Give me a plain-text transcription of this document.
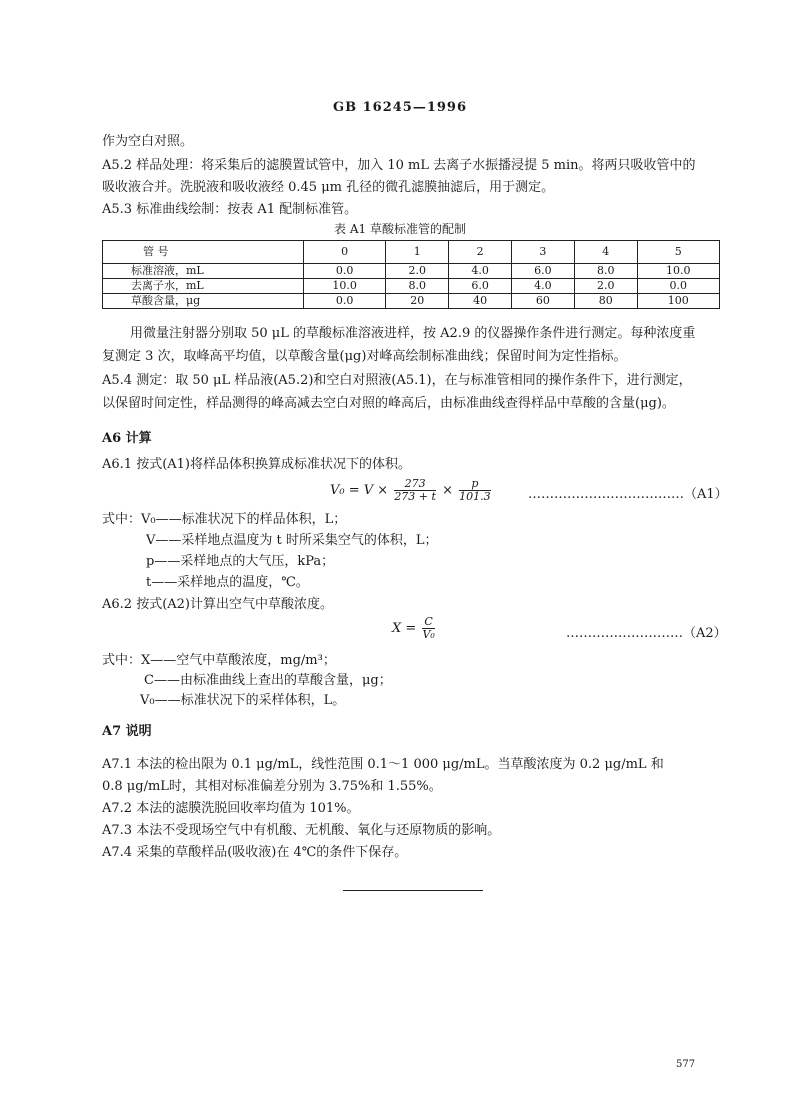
GB 16245—1996
作为空白对照。
A5.2 样品处理：将采集后的滤膜置试管中，加入 10 mL 去离子水振播浸提 5 min。将两只吸收管中的
吸收液合并。洗脱液和吸收液经 0.45 μm 孔径的微孔滤膜抽滤后，用于测定。
A5.3 标准曲线绘制：按表 A1 配制标准管。
表 A1 草酸标准管的配制
管 号	0	1	2	3	4	5
标准溶液，mL	0.0	2.0	4.0	6.0	8.0	10.0
去离子水，mL	10.0	8.0	6.0	4.0	2.0	0.0
草酸含量，μg	0.0	20	40	60	80	100
用微量注射器分别取 50 μL 的草酸标准溶液进样，按 A2.9 的仪器操作条件进行测定。每种浓度重
复测定 3 次，取峰高平均值，以草酸含量(μg)对峰高绘制标准曲线；保留时间为定性指标。
A5.4 测定：取 50 μL 样品液(A5.2)和空白对照液(A5.1)，在与标准管相同的操作条件下，进行测定，
以保留时间定性，样品测得的峰高减去空白对照的峰高后，由标准曲线查得样品中草酸的含量(μg)。
A6 计算
A6.1 按式(A1)将样品体积换算成标准状况下的体积。
$V_0 = V \times \frac{273}{273 + t} \times \frac{p}{101.3}$	………………………………（A1）
式中：V₀——标准状况下的样品体积，L；
V——采样地点温度为 t 时所采集空气的体积，L；
p——采样地点的大气压，kPa；
t——采样地点的温度，℃。
A6.2 按式(A2)计算出空气中草酸浓度。
$X = \frac{C}{\text{V₀}}$	………………………（A2）
式中：X——空气中草酸浓度，mg/m³；
C——由标准曲线上查出的草酸含量，μg；
V₀——标准状况下的采样体积，L。
A7 说明
A7.1 本法的检出限为 0.1 μg/mL，线性范围 0.1～1 000 μg/mL。当草酸浓度为 0.2 μg/mL 和
0.8 μg/mL时，其相对标准偏差分别为 3.75%和 1.55%。
A7.2 本法的滤膜洗脱回收率均值为 101%。
A7.3 本法不受现场空气中有机酸、无机酸、氧化与还原物质的影响。
A7.4 采集的草酸样品(吸收液)在 4℃的条件下保存。
577
